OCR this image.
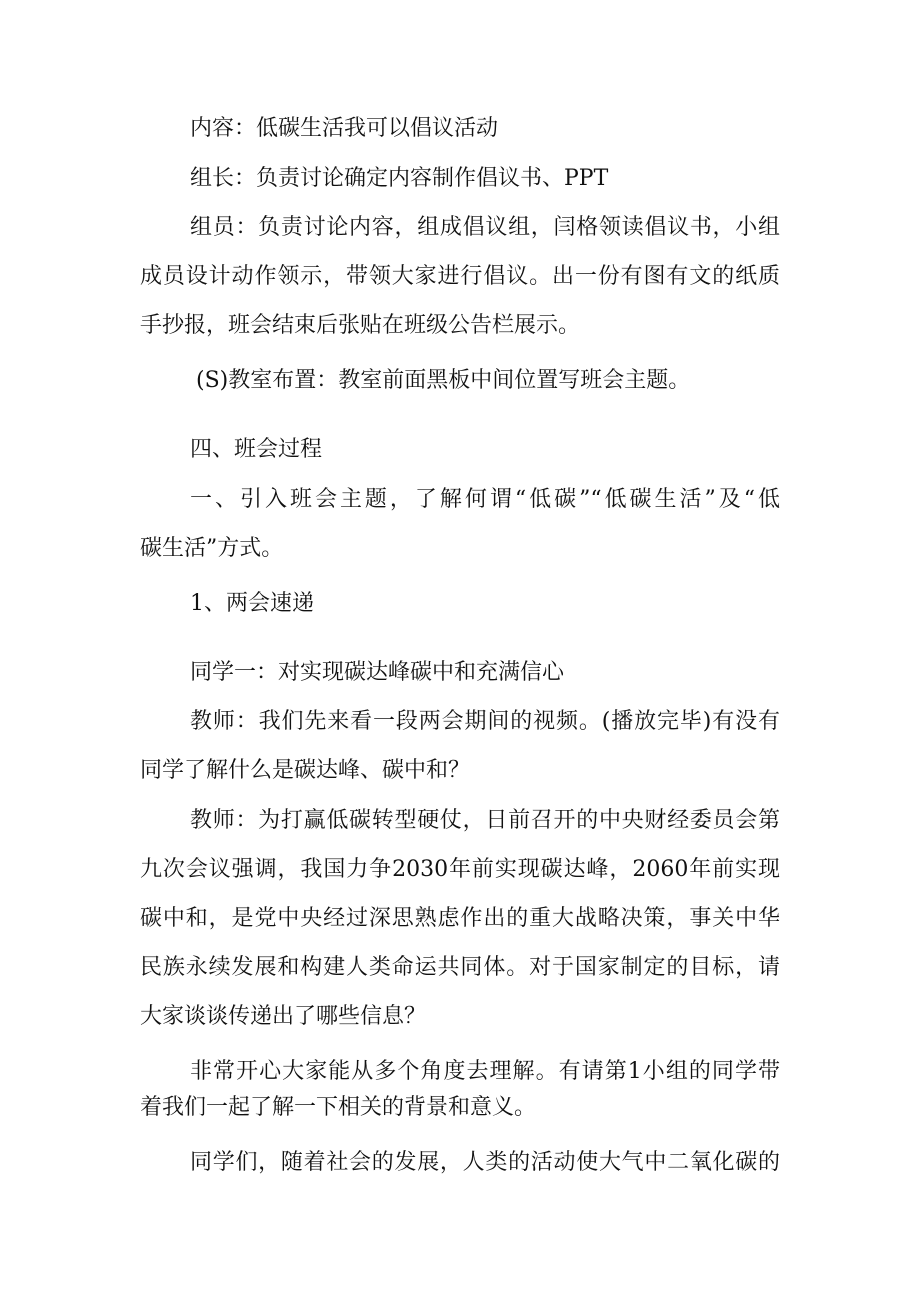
内容：低碳生活我可以倡议活动
组长：负责讨论确定内容制作倡议书、PPT
组员：负责讨论内容，组成倡议组，闫格领读倡议书，小组
成员设计动作领示，带领大家进行倡议。出一份有图有文的纸质
手抄报，班会结束后张贴在班级公告栏展示。
(S)教室布置：教室前面黑板中间位置写班会主题。
四、班会过程
一、引入班会主题，了解何谓“低碳”“低碳生活”及“低
碳生活”方式。
1、两会速递
同学一：对实现碳达峰碳中和充满信心
教师：我们先来看一段两会期间的视频。(播放完毕)有没有
同学了解什么是碳达峰、碳中和？
教师：为打赢低碳转型硬仗，日前召开的中央财经委员会第
九次会议强调，我国力争2030年前实现碳达峰，2060年前实现
碳中和，是党中央经过深思熟虑作出的重大战略决策，事关中华
民族永续发展和构建人类命运共同体。对于国家制定的目标，请
大家谈谈传递出了哪些信息？
非常开心大家能从多个角度去理解。有请第1小组的同学带
着我们一起了解一下相关的背景和意义。
同学们，随着社会的发展，人类的活动使大气中二氧化碳的
